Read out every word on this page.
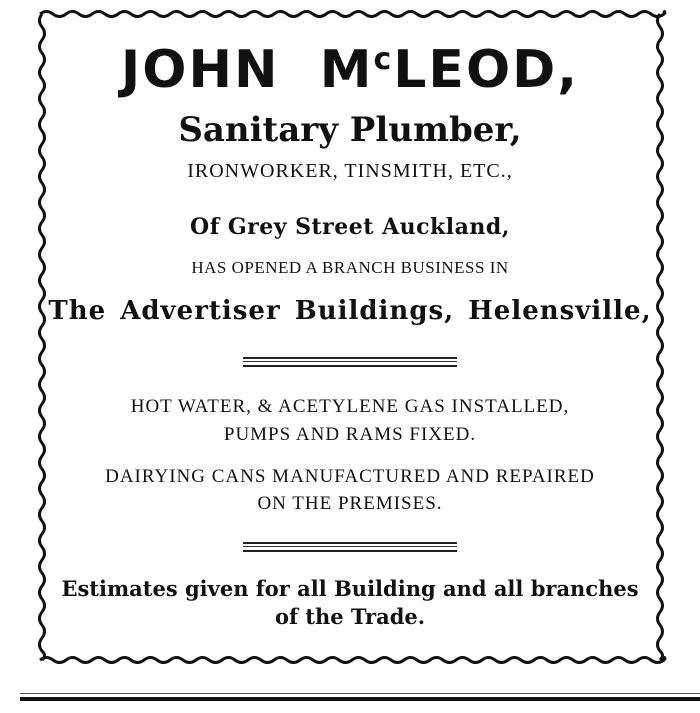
JOHN $M^cLEOD$,
Sanitary Plumber,
IRONWORKER, TINSMITH, ETC.,
Of Grey Street Auckland,
HAS OPENED A BRANCH BUSINESS IN
The Advertiser Buildings, Helensville,
HOT WATER, & ACETYLENE GAS INSTALLED,
PUMPS AND RAMS FIXED.
DAIRYING CANS MANUFACTURED AND REPAIRED
ON THE PREMISES.
Estimates given for all Building and all branches
of the Trade.
